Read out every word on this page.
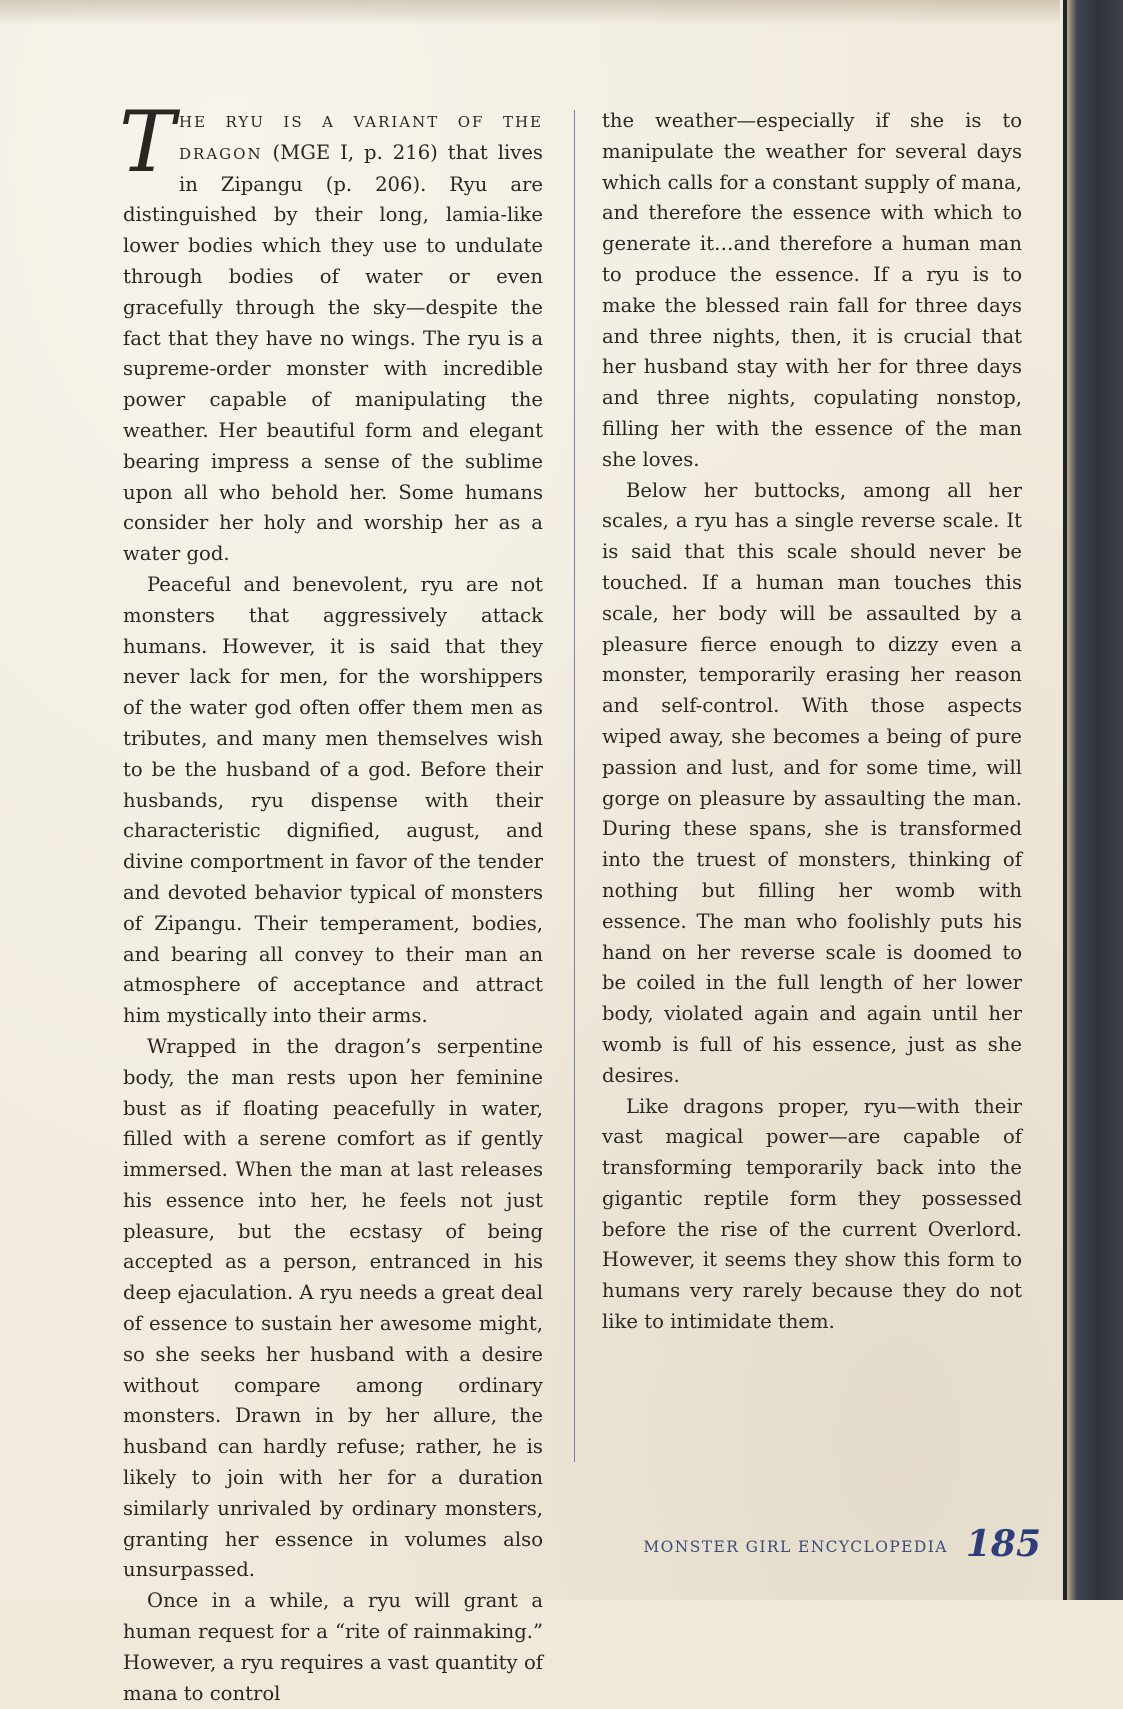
THE RYU IS A VARIANT OF THE DRAGON (MGE I, p. 216) that lives in Zipangu (p. 206). Ryu are distinguished by their long, lamia-like lower bodies which they use to undulate through bodies of water or even gracefully through the sky—despite the fact that they have no wings. The ryu is a supreme-order monster with incredible power capable of manipulating the weather. Her beautiful form and elegant bearing impress a sense of the sublime upon all who behold her. Some humans consider her holy and worship her as a water god.

Peaceful and benevolent, ryu are not monsters that aggressively attack humans. However, it is said that they never lack for men, for the worshippers of the water god often offer them men as tributes, and many men themselves wish to be the husband of a god. Before their husbands, ryu dispense with their characteristic dignified, august, and divine comportment in favor of the tender and devoted behavior typical of monsters of Zipangu. Their temperament, bodies, and bearing all convey to their man an atmosphere of acceptance and attract him mystically into their arms.

Wrapped in the dragon’s serpentine body, the man rests upon her feminine bust as if floating peacefully in water, filled with a serene comfort as if gently immersed. When the man at last releases his essence into her, he feels not just pleasure, but the ecstasy of being accepted as a person, entranced in his deep ejaculation. A ryu needs a great deal of essence to sustain her awesome might, so she seeks her husband with a desire without compare among ordinary monsters. Drawn in by her allure, the husband can hardly refuse; rather, he is likely to join with her for a duration similarly unrivaled by ordinary monsters, granting her essence in volumes also unsurpassed.

Once in a while, a ryu will grant a human request for a “rite of rainmaking.” However, a ryu requires a vast quantity of mana to control

the weather—especially if she is to manipulate the weather for several days which calls for a constant supply of mana, and therefore the essence with which to generate it…and therefore a human man to produce the essence. If a ryu is to make the blessed rain fall for three days and three nights, then, it is crucial that her husband stay with her for three days and three nights, copulating nonstop, filling her with the essence of the man she loves.

Below her buttocks, among all her scales, a ryu has a single reverse scale. It is said that this scale should never be touched. If a human man touches this scale, her body will be assaulted by a pleasure fierce enough to dizzy even a monster, temporarily erasing her reason and self-control. With those aspects wiped away, she becomes a being of pure passion and lust, and for some time, will gorge on pleasure by assaulting the man. During these spans, she is transformed into the truest of monsters, thinking of nothing but filling her womb with essence. The man who foolishly puts his hand on her reverse scale is doomed to be coiled in the full length of her lower body, violated again and again until her womb is full of his essence, just as she desires.

Like dragons proper, ryu—with their vast magical power—are capable of transforming temporarily back into the gigantic reptile form they possessed before the rise of the current Overlord. However, it seems they show this form to humans very rarely because they do not like to intimidate them.

MONSTER GIRL ENCYCLOPEDIA 185
